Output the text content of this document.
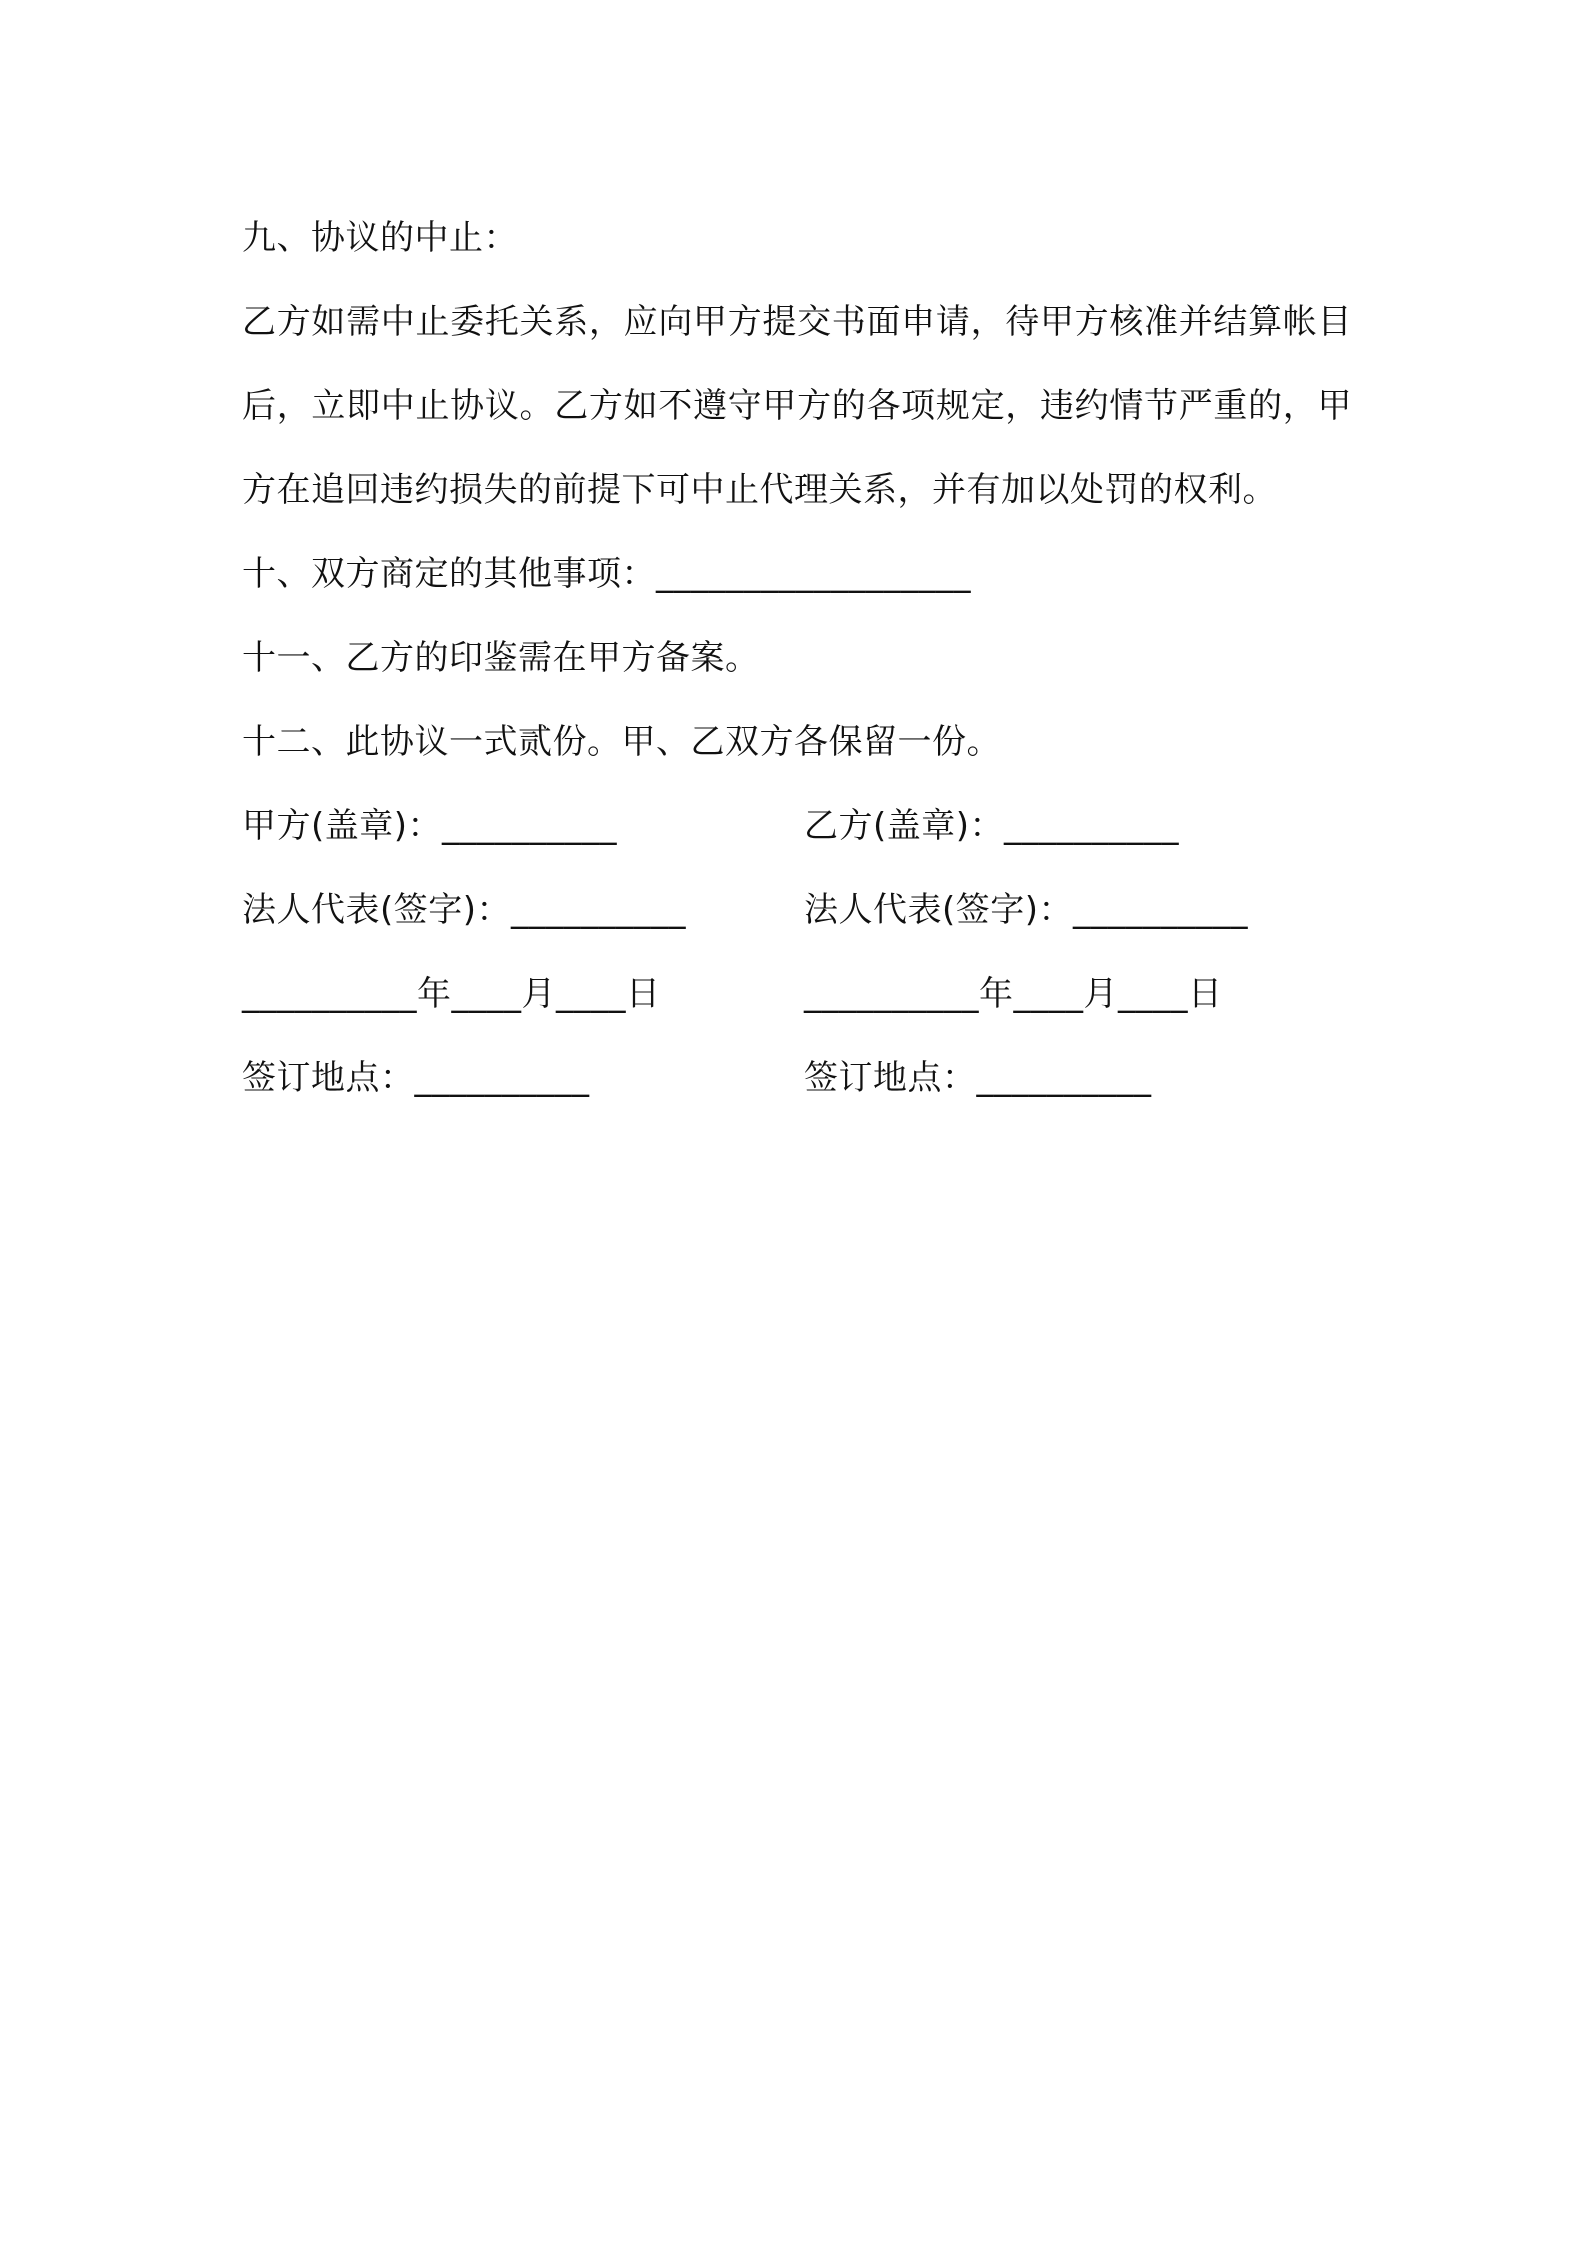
九、协议的中止：
乙方如需中止委托关系，应向甲方提交书面申请，待甲方核准并结算帐目后，立即中止协议。乙方如不遵守甲方的各项规定，违约情节严重的，甲方在追回违约损失的前提下可中止代理关系，并有加以处罚的权利。
十、双方商定的其他事项：__________________
十一、乙方的印鉴需在甲方备案。
十二、此协议一式贰份。甲、乙双方各保留一份。
甲方(盖章)：__________	乙方(盖章)：__________
法人代表(签字)：__________	法人代表(签字)：__________
__________年____月____日	__________年____月____日
签订地点：__________	签订地点：__________
